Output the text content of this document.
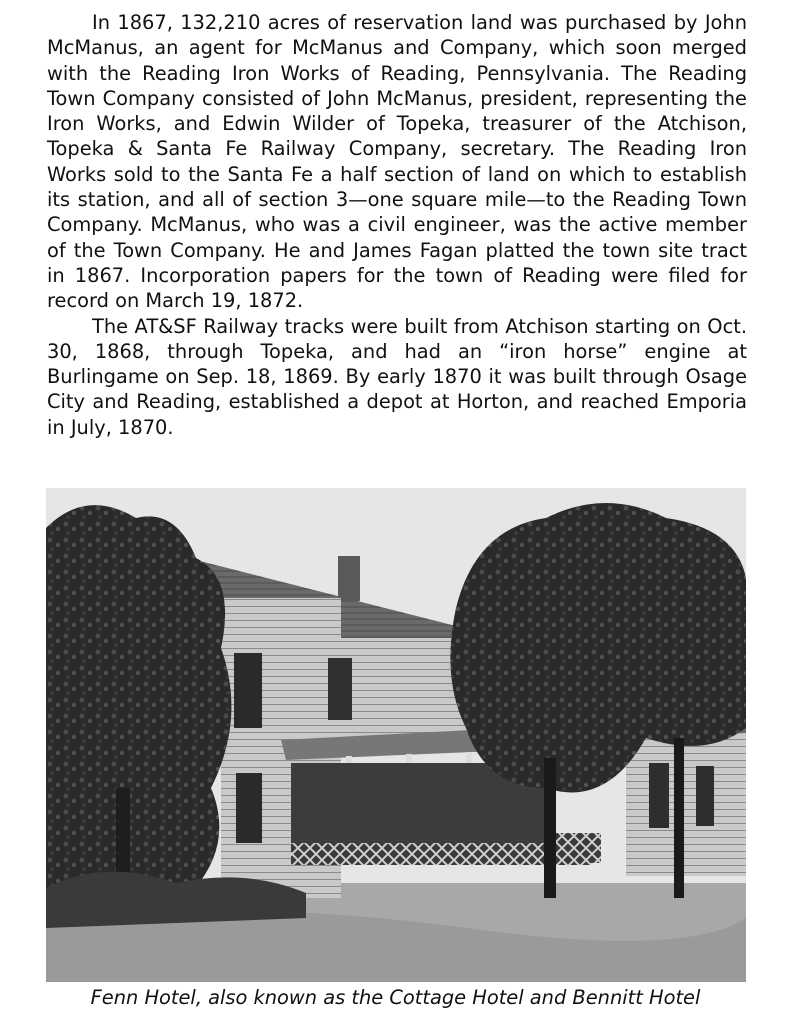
In 1867, 132,210 acres of reservation land was purchased by John McManus, an agent for McManus and Company, which soon merged with the Reading Iron Works of Reading, Pennsylvania. The Reading Town Company consisted of John McManus, president, representing the Iron Works, and Edwin Wilder of Topeka, treasurer of the Atchison, Topeka & Santa Fe Railway Company, secretary. The Reading Iron Works sold to the Santa Fe a half section of land on which to establish its station, and all of section 3—one square mile—to the Reading Town Company. McManus, who was a civil engineer, was the active member of the Town Company. He and James Fagan platted the town site tract in 1867. Incorporation papers for the town of Reading were filed for record on March 19, 1872.

The AT&SF Railway tracks were built from Atchison starting on Oct. 30, 1868, through Topeka, and had an “iron horse” engine at Burlingame on Sep. 18, 1869. By early 1870 it was built through Osage City and Reading, established a depot at Horton, and reached Emporia in July, 1870.

Fenn Hotel, also known as the Cottage Hotel and Bennitt Hotel
